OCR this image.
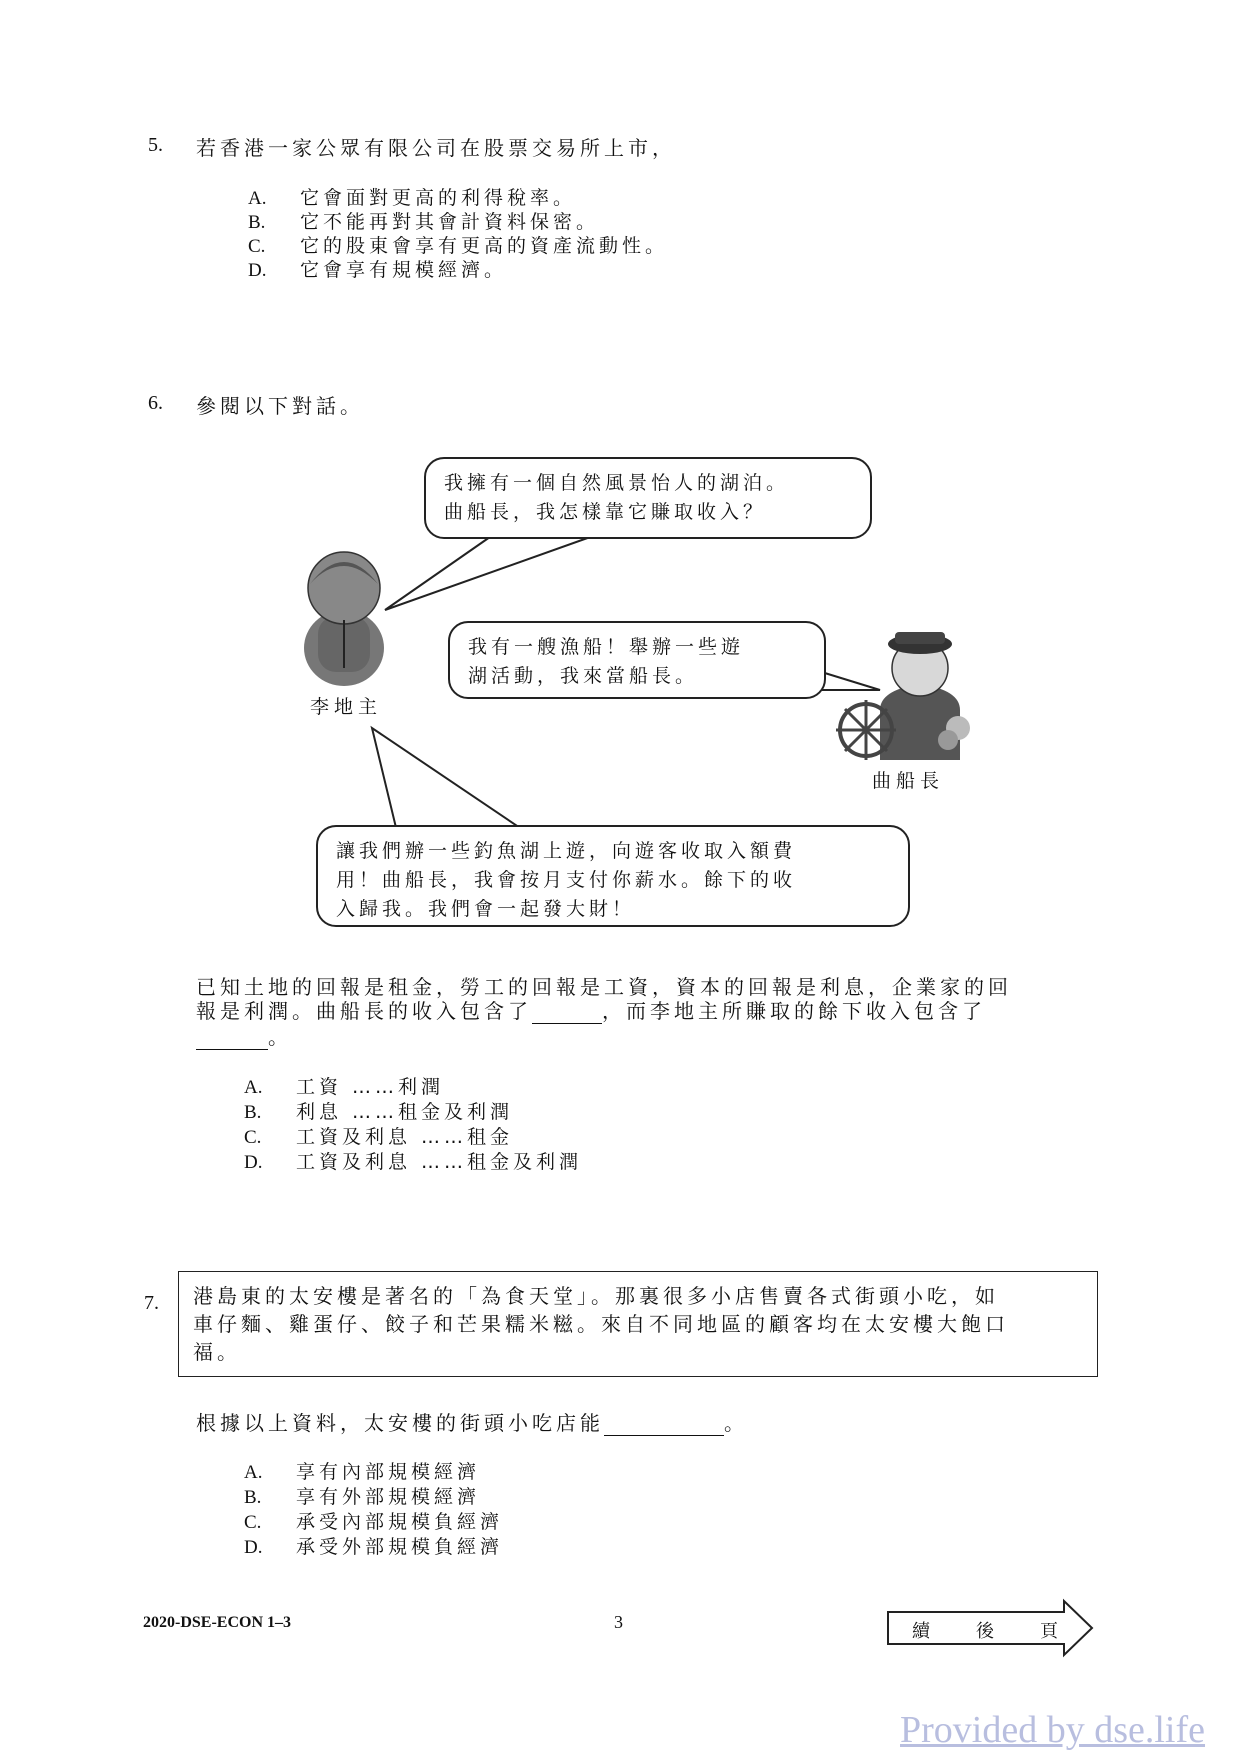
5. 若香港一家公眾有限公司在股票交易所上市，
A. 它會面對更高的利得稅率。
B. 它不能再對其會計資料保密。
C. 它的股東會享有更高的資產流動性。
D. 它會享有規模經濟。
6. 參閱以下對話。
我擁有一個自然風景怡人的湖泊。
曲船長，我怎樣靠它賺取收入？
我有一艘漁船！舉辦一些遊
湖活動，我來當船長。
讓我們辦一些釣魚湖上遊，向遊客收取入額費
用！曲船長，我會按月支付你薪水。餘下的收
入歸我。我們會一起發大財！
李地主
曲船長
已知土地的回報是租金，勞工的回報是工資，資本的回報是利息，企業家的回
報是利潤。曲船長的收入包含了	，而李地主所賺取的餘下收入包含了
。
A. 工資 ……利潤
B. 利息 ……租金及利潤
C. 工資及利息 ……租金
D. 工資及利息 ……租金及利潤
7. 港島東的太安樓是著名的「為食天堂」。那裏很多小店售賣各式街頭小吃，如
車仔麵、雞蛋仔、餃子和芒果糯米糍。來自不同地區的顧客均在太安樓大飽口
福。
根據以上資料，太安樓的街頭小吃店能	。
A. 享有內部規模經濟
B. 享有外部規模經濟
C. 承受內部規模負經濟
D. 承受外部規模負經濟
2020-DSE-ECON 1–3	3	續	後	頁
Provided by dse.life
